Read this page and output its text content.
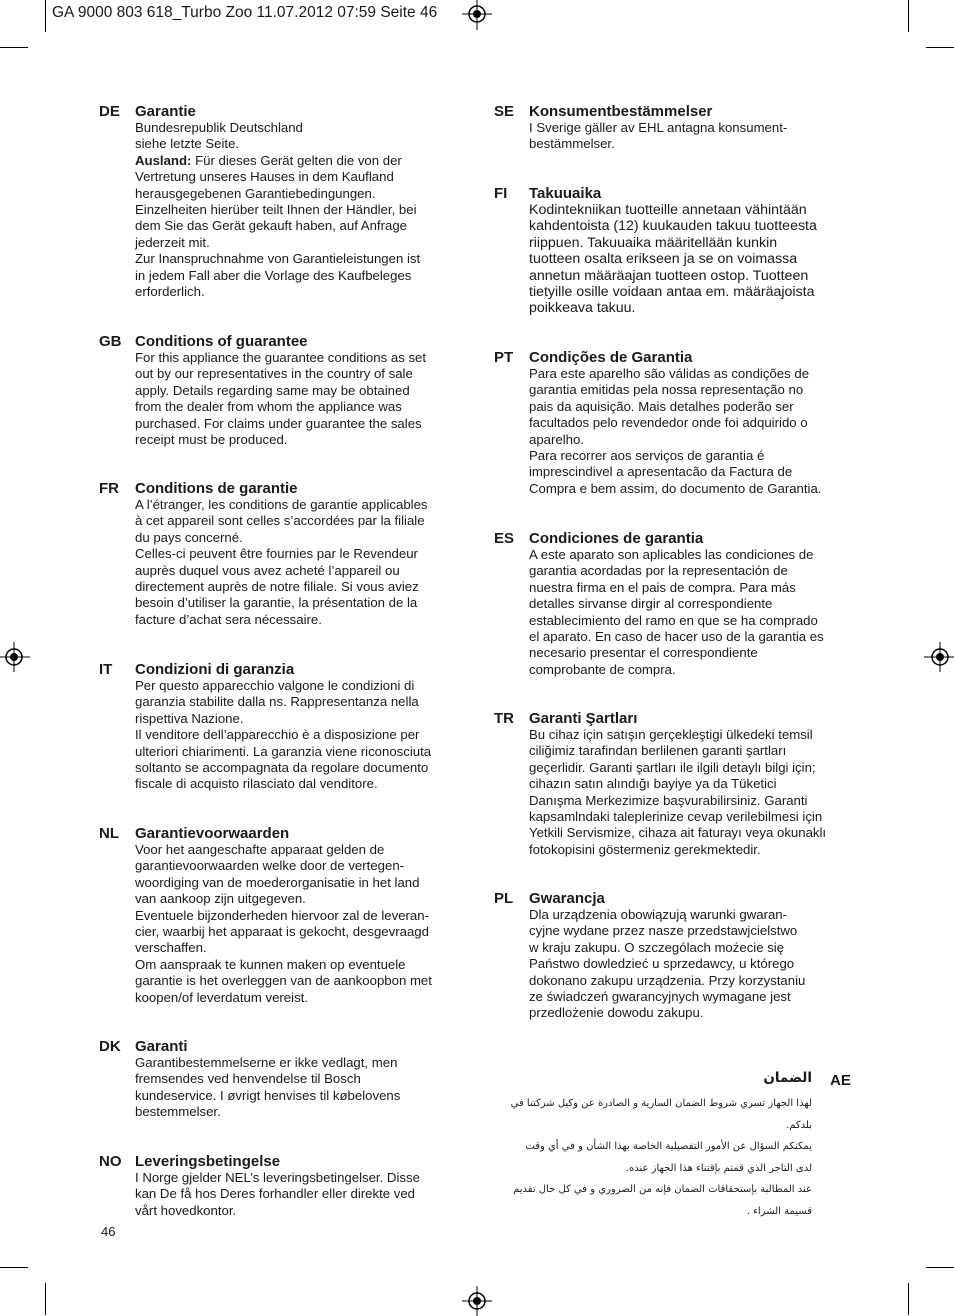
GA 9000 803 618_Turbo Zoo 11.07.2012 07:59 Seite 46
DE Garantie
Bundesrepublik Deutschland
siehe letzte Seite.
Ausland: Für dieses Gerät gelten die von der
Vertretung unseres Hauses in dem Kaufland
herausgegebenen Garantiebedingungen.
Einzelheiten hierüber teilt Ihnen der Händler, bei
dem Sie das Gerät gekauft haben, auf Anfrage
jederzeit mit.
Zur Inanspruchnahme von Garantieleistungen ist
in jedem Fall aber die Vorlage des Kaufbeleges
erforderlich.
GB Conditions of guarantee
For this appliance the guarantee conditions as set
out by our representatives in the country of sale
apply. Details regarding same may be obtained
from the dealer from whom the appliance was
purchased. For claims under guarantee the sales
receipt must be produced.
FR Conditions de garantie
A l’étranger, les conditions de garantie applicables
à cet appareil sont celles s’accordées par la filiale
du pays concerné.
Celles-ci peuvent être fournies par le Revendeur
auprès duquel vous avez acheté l’appareil ou
directement auprès de notre filiale. Si vous aviez
besoin d’utiliser la garantie, la présentation de la
facture d’achat sera nécessaire.
IT Condizioni di garanzia
Per questo apparecchio valgone le condizioni di
garanzia stabilite dalla ns. Rappresentanza nella
rispettiva Nazione.
Il venditore dell’apparecchio è a disposizione per
ulteriori chiarimenti. La garanzia viene riconosciuta
soltanto se accompagnata da regolare documento
fiscale di acquisto rilasciato dal venditore.
NL Garantievoorwaarden
Voor het aangeschafte apparaat gelden de
garantievoorwaarden welke door de vertegen-
woordiging van de moederorganisatie in het land
van aankoop zijn uitgegeven.
Eventuele bijzonderheden hiervoor zal de leveran-
cier, waarbij het apparaat is gekocht, desgevraagd
verschaffen.
Om aanspraak te kunnen maken op eventuele
garantie is het overleggen van de aankoopbon met
koopen/of leverdatum vereist.
DK Garanti
Garantibestemmelserne er ikke vedlagt, men
fremsendes ved henvendelse til Bosch
kundeservice. I øvrigt henvises til købelovens
bestemmelser.
NO Leveringsbetingelse
I Norge gjelder NEL’s leveringsbetingelser. Disse
kan De få hos Deres forhandler eller direkte ved
vårt hovedkontor.
SE Konsumentbestämmelser
I Sverige gäller av EHL antagna konsument-
bestämmelser.
FI Takuuaika
Kodintekniikan tuotteille annetaan vähintään
kahdentoista (12) kuukauden takuu tuotteesta
riippuen. Takuuaika määritellään kunkin
tuotteen osalta erikseen ja se on voimassa
annetun määräajan tuotteen ostop. Tuotteen
tietyille osille voidaan antaa em. määräajoista
poikkeava takuu.
PT Condições de Garantia
Para este aparelho são válidas as condições de
garantia emitidas pela nossa representação no
pais da aquisição. Mais detalhes poderão ser
facultados pelo revendedor onde foi adquirido o
aparelho.
Para recorrer aos serviços de garantia é
imprescindivel a apresentacão da Factura de
Compra e bem assim, do documento de Garantia.
ES Condiciones de garantia
A este aparato son aplicables las condiciones de
garantia acordadas por la representación de
nuestra firma en el pais de compra. Para más
detalles sirvanse dirgir al correspondiente
establecimiento del ramo en que se ha comprado
el aparato. En caso de hacer uso de la garantia es
necesario presentar el correspondiente
comprobante de compra.
TR Garanti Şartları
Bu cihaz için satışın gerçekleştigi ülkedeki temsil
ciliğimiz tarafindan berlilenen garanti şartları
geçerlidir. Garanti şartları ile ilgili detaylı bilgi için;
cihazın satın alındığı bayiye ya da Tüketici
Danışma Merkezimize başvurabilirsiniz. Garanti
kapsamlndaki taleplerinize cevap verilebilmesi için
Yetkili Servismize, cihaza ait faturayı veya okunaklı
fotokopisini göstermeniz gerekmektedir.
PL Gwarancja
Dla urządzenia obowiązują warunki gwaran-
cyjne wydane przez nasze przedstawjcielstwo
w kraju zakupu. O szczególach moźecie się
Państwo dowledzieć u sprzedawcy, u którego
dokonano zakupu urządzenia. Przy korzystaniu
ze świadczeń gwarancyjnych wymagane jest
przedlożenie dowodu zakupu.
AE
الضمان
لهذا الجهاز تسري شروط الضمان السارية و الصادرة عن وكيل شركتنا في
بلدكم.
يمكنكم السؤال عن الأمور التفصيلية الخاصة بهذا الشأن و في أي وقت
لدى التاجر الذي قمتم بإقتناء هذا الجهاز عنده.
عند المطالبة بإستحقاقات الضمان فإنه من الضروري و في كل حال تقديم
قسيمة الشراء .
46
